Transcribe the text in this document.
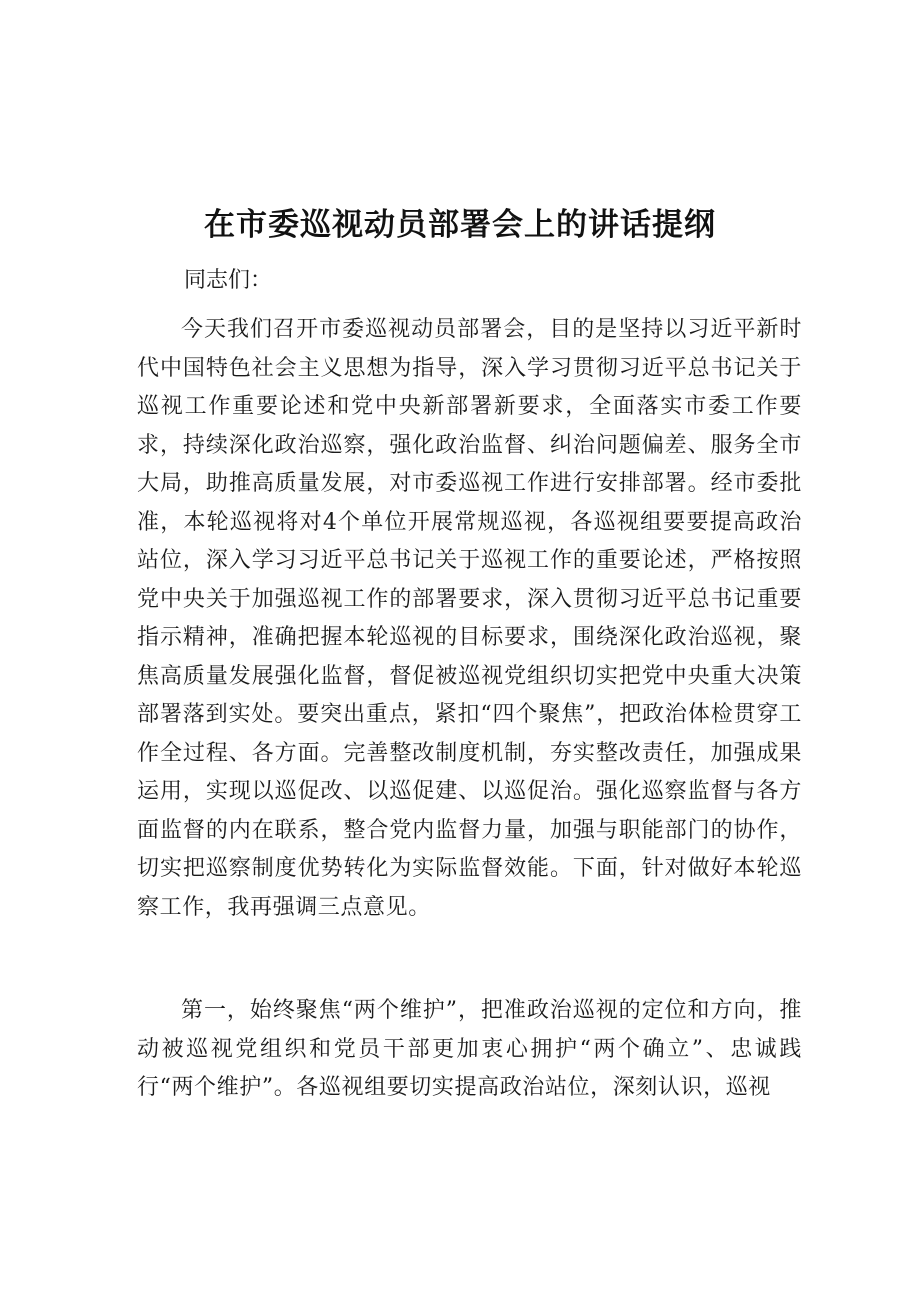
在市委巡视动员部署会上的讲话提纲

同志们：

今天我们召开市委巡视动员部署会，目的是坚持以习近平新时代中国特色社会主义思想为指导，深入学习贯彻习近平总书记关于巡视工作重要论述和党中央新部署新要求，全面落实市委工作要求，持续深化政治巡察，强化政治监督、纠治问题偏差、服务全市大局，助推高质量发展，对市委巡视工作进行安排部署。经市委批准，本轮巡视将对4个单位开展常规巡视，各巡视组要要提高政治站位，深入学习习近平总书记关于巡视工作的重要论述，严格按照党中央关于加强巡视工作的部署要求，深入贯彻习近平总书记重要指示精神，准确把握本轮巡视的目标要求，围绕深化政治巡视，聚焦高质量发展强化监督，督促被巡视党组织切实把党中央重大决策部署落到实处。要突出重点，紧扣“四个聚焦”，把政治体检贯穿工作全过程、各方面。完善整改制度机制，夯实整改责任，加强成果运用，实现以巡促改、以巡促建、以巡促治。强化巡察监督与各方面监督的内在联系，整合党内监督力量，加强与职能部门的协作，切实把巡察制度优势转化为实际监督效能。下面，针对做好本轮巡察工作，我再强调三点意见。

第一，始终聚焦“两个维护”，把准政治巡视的定位和方向，推动被巡视党组织和党员干部更加衷心拥护“两个确立”、忠诚践行“两个维护”。各巡视组要切实提高政治站位，深刻认识，巡视
